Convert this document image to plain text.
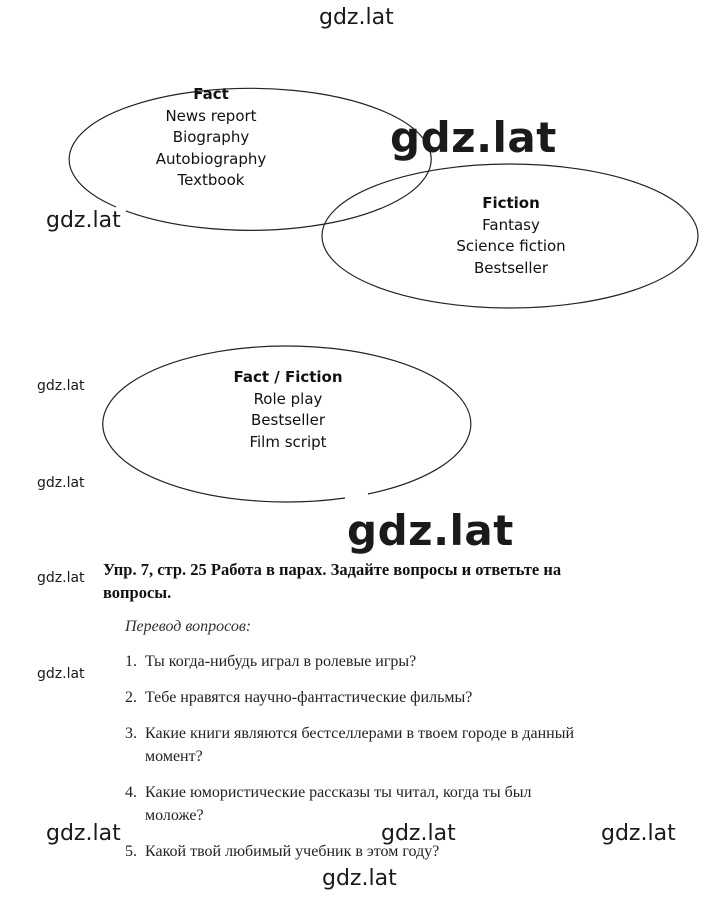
Fact
News report
Biography
Autobiography
Textbook
Fiction
Fantasy
Science fiction
Bestseller
Fact / Fiction
Role play
Bestseller
Film script
Упр. 7, стр. 25 Работа в парах. Задайте вопросы и ответьте на вопросы.
Перевод вопросов:
1. Ты когда-нибудь играл в ролевые игры?
2. Тебе нравятся научно-фантастические фильмы?
3. Какие книги являются бестселлерами в твоем городе в данный момент?
4. Какие юмористические рассказы ты читал, когда ты был моложе?
5. Какой твой любимый учебник в этом году?
gdz.lat
gdz.lat
gdz.lat
gdz.lat
gdz.lat
gdz.lat
gdz.lat
gdz.lat
gdz.lat	gdz.lat	gdz.lat
gdz.lat
